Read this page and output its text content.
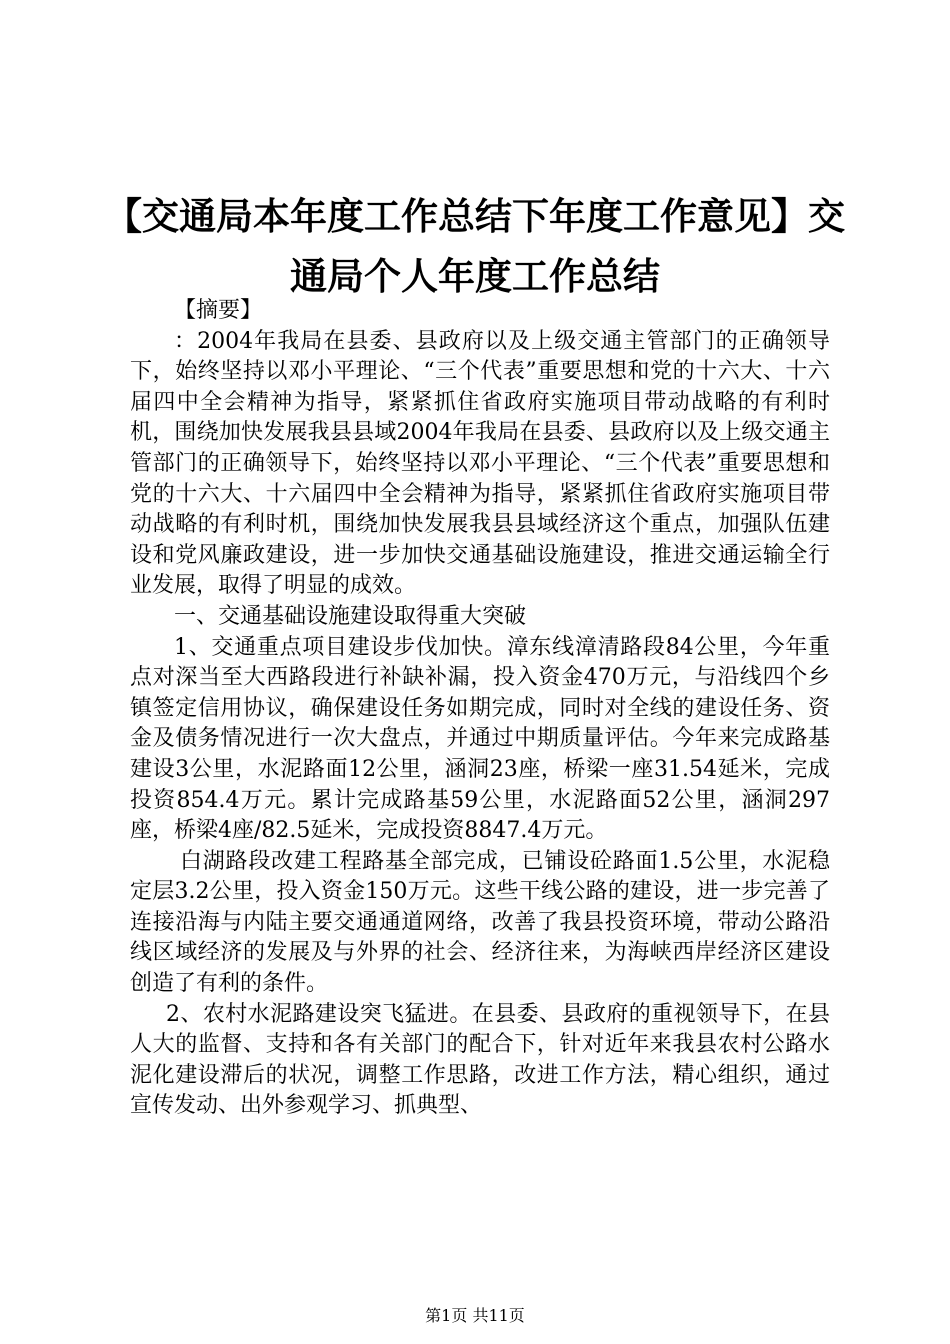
【交通局本年度工作总结下年度工作意见】交
通局个人年度工作总结

【摘要】

：2004年我局在县委、县政府以及上级交通主管部门的正确领导下，始终坚持以邓小平理论、“三个代表”重要思想和党的十六大、十六届四中全会精神为指导，紧紧抓住省政府实施项目带动战略的有利时机，围绕加快发展我县县域2004年我局在县委、县政府以及上级交通主管部门的正确领导下，始终坚持以邓小平理论、“三个代表”重要思想和党的十六大、十六届四中全会精神为指导，紧紧抓住省政府实施项目带动战略的有利时机，围绕加快发展我县县域经济这个重点，加强队伍建设和党风廉政建设，进一步加快交通基础设施建设，推进交通运输全行业发展，取得了明显的成效。

一、交通基础设施建设取得重大突破

1、交通重点项目建设步伐加快。漳东线漳清路段84公里，今年重点对深当至大西路段进行补缺补漏，投入资金470万元，与沿线四个乡镇签定信用协议，确保建设任务如期完成，同时对全线的建设任务、资金及债务情况进行一次大盘点，并通过中期质量评估。今年来完成路基建设3公里，水泥路面12公里，涵洞23座，桥梁一座31.54延米，完成投资854.4万元。累计完成路基59公里，水泥路面52公里，涵洞297座，桥梁4座/82.5延米，完成投资8847.4万元。

白湖路段改建工程路基全部完成，已铺设砼路面1.5公里，水泥稳定层3.2公里，投入资金150万元。这些干线公路的建设，进一步完善了连接沿海与内陆主要交通通道网络，改善了我县投资环境，带动公路沿线区域经济的发展及与外界的社会、经济往来，为海峡西岸经济区建设创造了有利的条件。

2、农村水泥路建设突飞猛进。在县委、县政府的重视领导下，在县人大的监督、支持和各有关部门的配合下，针对近年来我县农村公路水泥化建设滞后的状况，调整工作思路，改进工作方法，精心组织，通过宣传发动、出外参观学习、抓典型、

第1页 共11页
